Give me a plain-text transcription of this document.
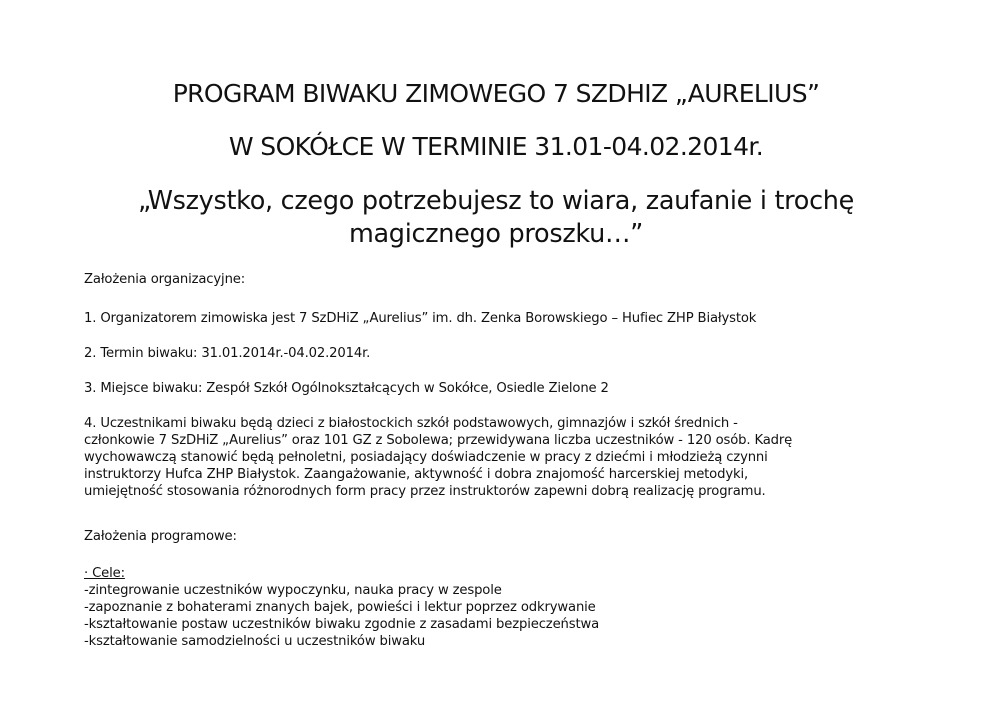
PROGRAM BIWAKU ZIMOWEGO 7 SZDHIZ „AURELIUS”
W SOKÓŁCE W TERMINIE 31.01-04.02.2014r.
„Wszystko, czego potrzebujesz to wiara, zaufanie i trochę magicznego proszku…”
Założenia organizacyjne:
1. Organizatorem zimowiska jest 7 SzDHiZ „Aurelius” im. dh. Zenka Borowskiego – Hufiec ZHP Białystok
2. Termin biwaku: 31.01.2014r.-04.02.2014r.
3. Miejsce biwaku: Zespół Szkół Ogólnokształcących w Sokółce, Osiedle Zielone 2
4. Uczestnikami biwaku będą dzieci z białostockich szkół podstawowych, gimnazjów i szkół średnich -
członkowie 7 SzDHiZ „Aurelius” oraz 101 GZ z Sobolewa; przewidywana liczba uczestników - 120 osób. Kadrę
wychowawczą stanowić będą pełnoletni, posiadający doświadczenie w pracy z dziećmi i młodzieżą czynni
instruktorzy Hufca ZHP Białystok. Zaangażowanie, aktywność i dobra znajomość harcerskiej metodyki,
umiejętność stosowania różnorodnych form pracy przez instruktorów zapewni dobrą realizację programu.
Założenia programowe:
· Cele:
-zintegrowanie uczestników wypoczynku, nauka pracy w zespole
-zapoznanie z bohaterami znanych bajek, powieści i lektur poprzez odkrywanie
-kształtowanie postaw uczestników biwaku zgodnie z zasadami bezpieczeństwa
-kształtowanie samodzielności u uczestników biwaku
